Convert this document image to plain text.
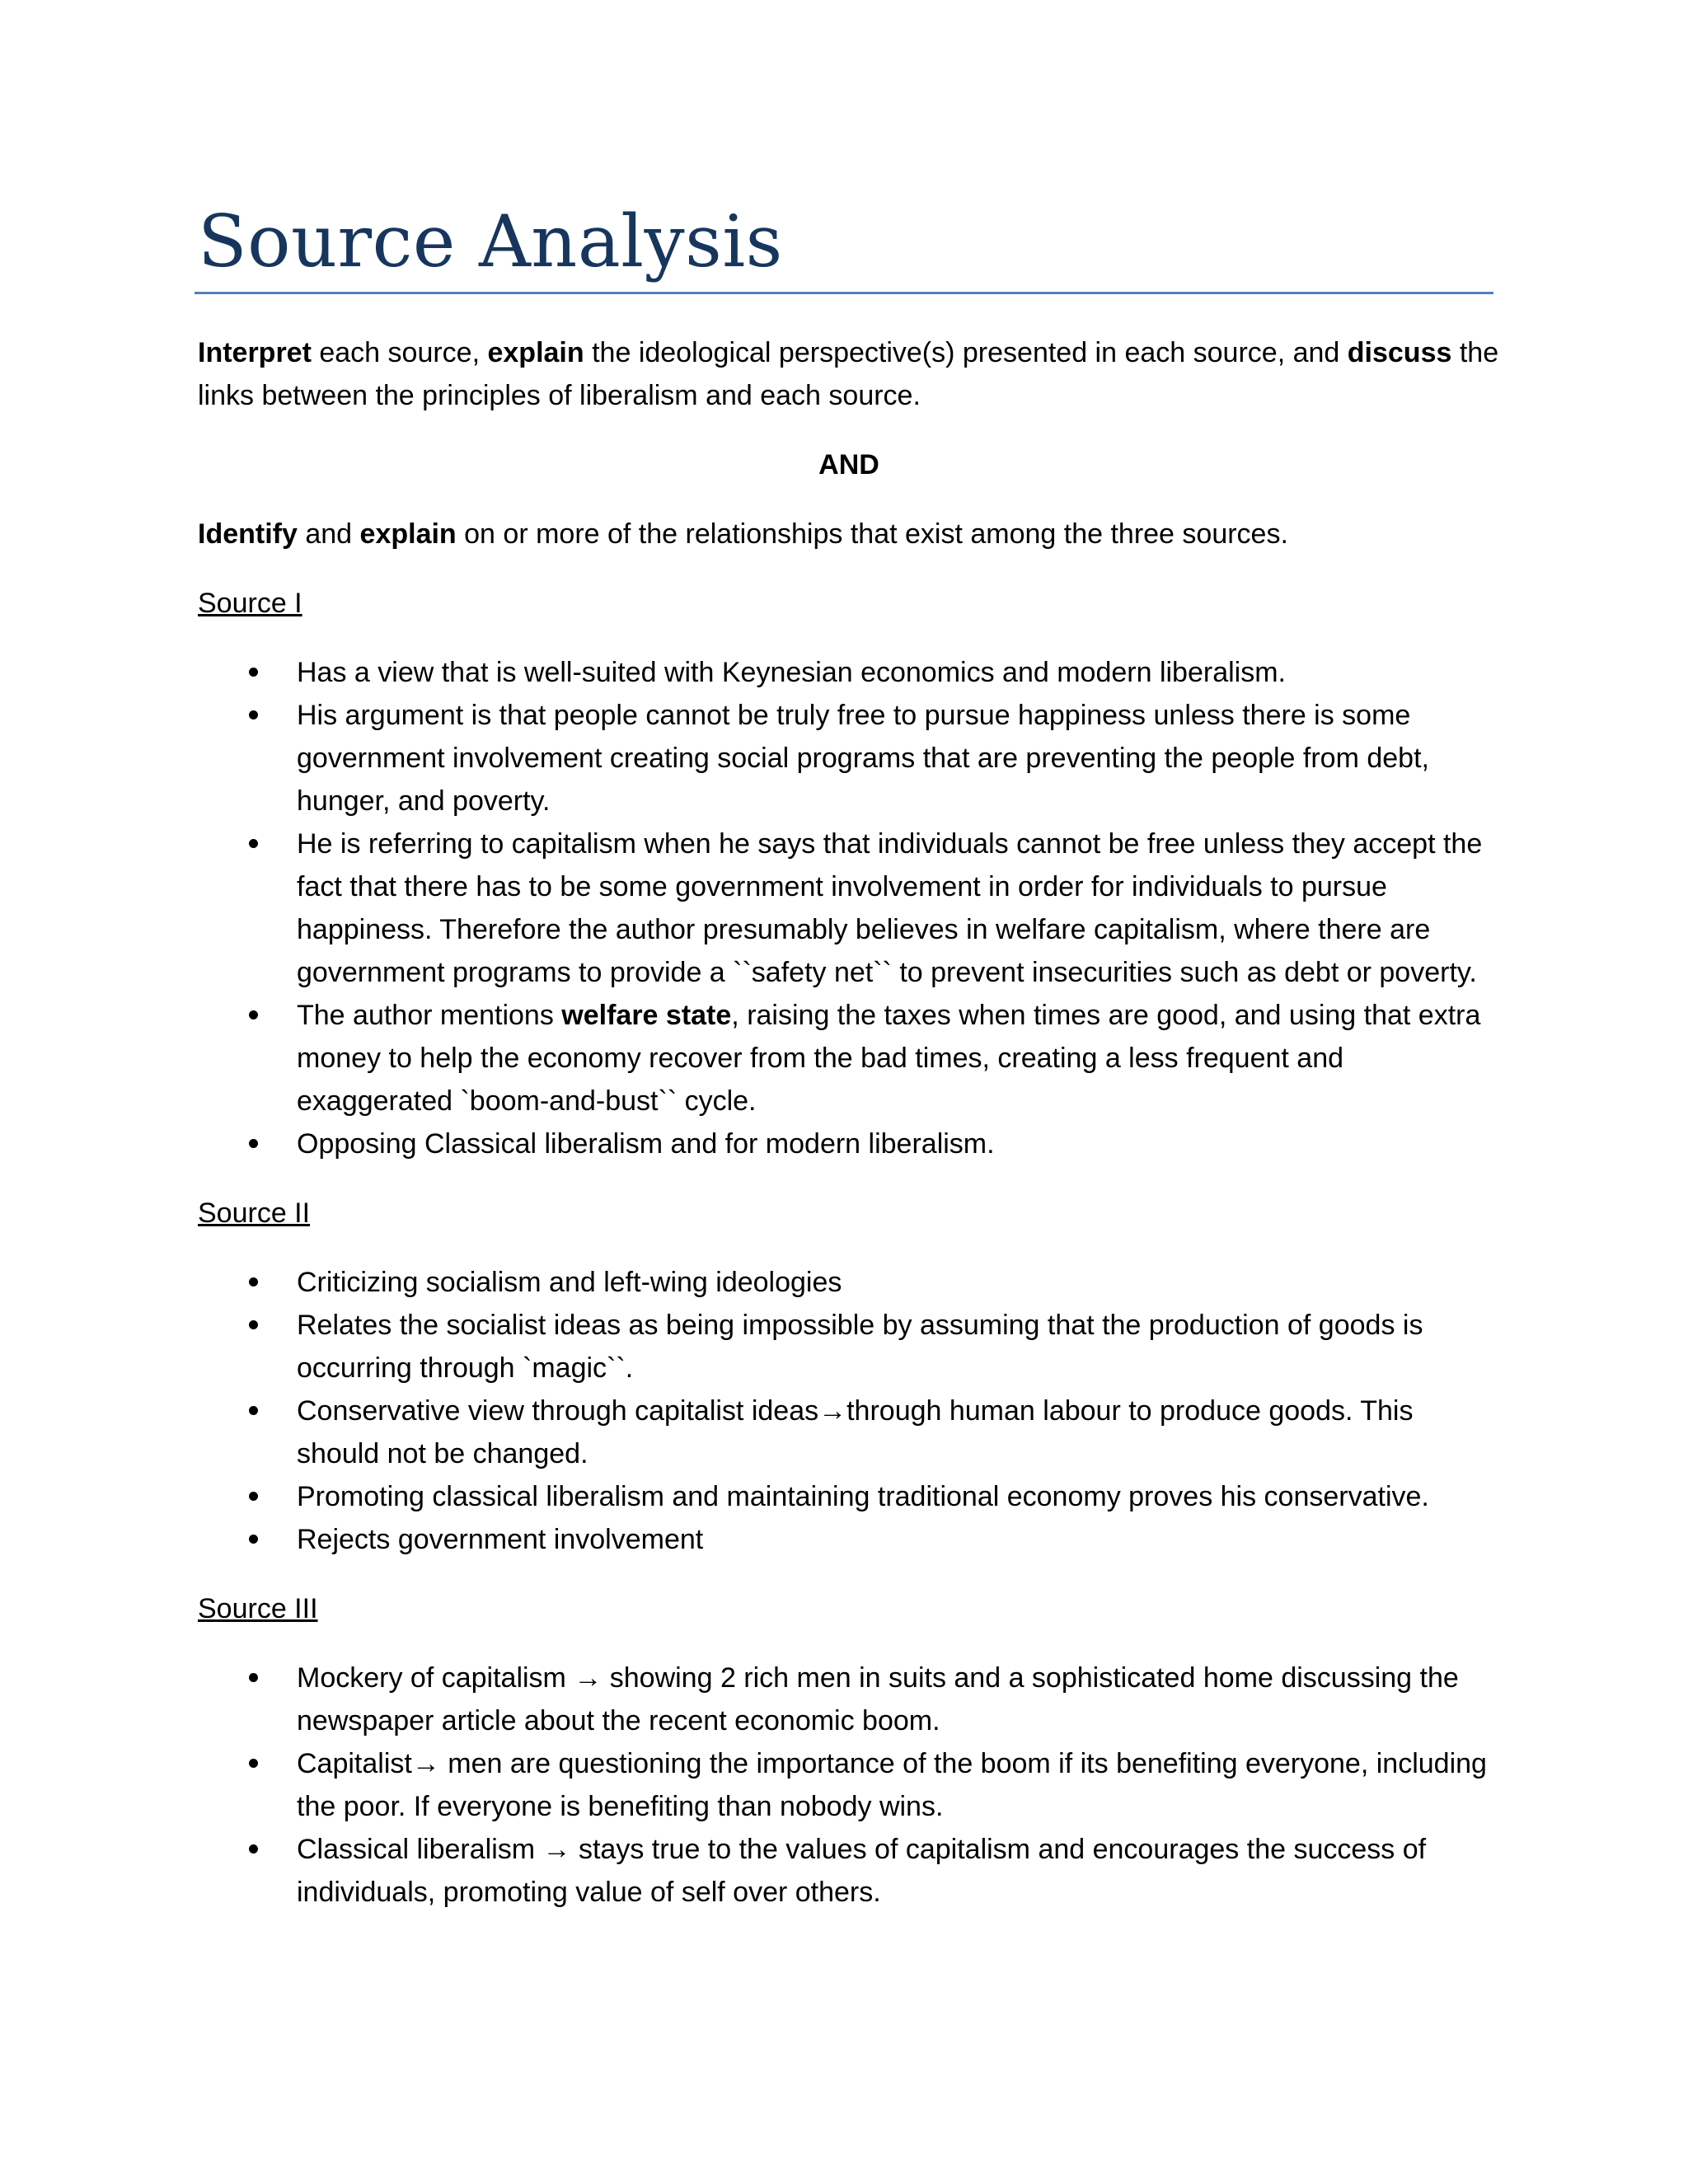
Source Analysis

Interpret each source, explain the ideological perspective(s) presented in each source, and discuss the links between the principles of liberalism and each source.

AND

Identify and explain on or more of the relationships that exist among the three sources.

Source I

Has a view that is well-suited with Keynesian economics and modern liberalism.
His argument is that people cannot be truly free to pursue happiness unless there is some government involvement creating social programs that are preventing the people from debt, hunger, and poverty.
He is referring to capitalism when he says that individuals cannot be free unless they accept the fact that there has to be some government involvement in order for individuals to pursue happiness. Therefore the author presumably believes in welfare capitalism, where there are government programs to provide a ``safety net`` to prevent insecurities such as debt or poverty.
The author mentions welfare state, raising the taxes when times are good, and using that extra money to help the economy recover from the bad times, creating a less frequent and exaggerated `boom-and-bust`` cycle.
Opposing Classical liberalism and for modern liberalism.

Source II

Criticizing socialism and left-wing ideologies
Relates the socialist ideas as being impossible by assuming that the production of goods is occurring through `magic``.
Conservative view through capitalist ideas→through human labour to produce goods. This should not be changed.
Promoting classical liberalism and maintaining traditional economy proves his conservative.
Rejects government involvement

Source III

Mockery of capitalism → showing 2 rich men in suits and a sophisticated home discussing the newspaper article about the recent economic boom.
Capitalist→ men are questioning the importance of the boom if its benefiting everyone, including the poor. If everyone is benefiting than nobody wins.
Classical liberalism → stays true to the values of capitalism and encourages the success of individuals, promoting value of self over others.
